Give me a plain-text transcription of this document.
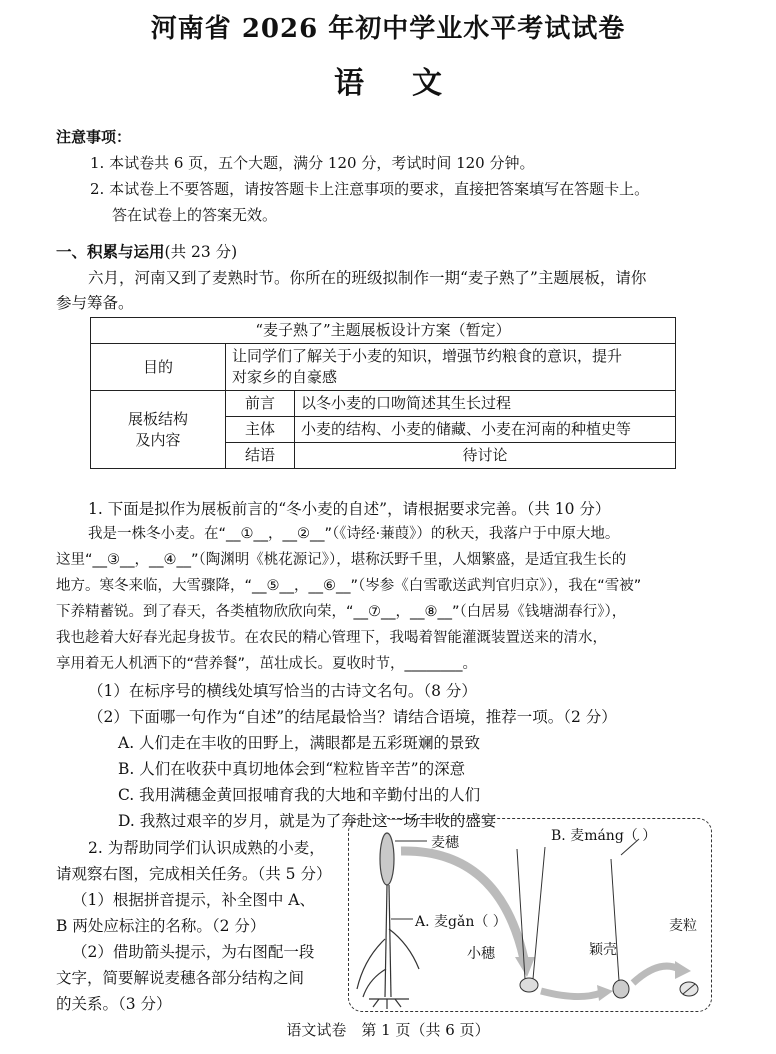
河南省 2026 年初中学业水平考试试卷
语文
注意事项：
1. 本试卷共 6 页，五个大题，满分 120 分，考试时间 120 分钟。
2. 本试卷上不要答题，请按答题卡上注意事项的要求，直接把答案填写在答题卡上。
答在试卷上的答案无效。
一、积累与运用(共 23 分)
六月，河南又到了麦熟时节。你所在的班级拟制作一期“麦子熟了”主题展板，请你
参与筹备。
“麦子熟了”主题展板设计方案（暂定）		
目的	让同学们了解关于小麦的知识，增强节约粮食的意识，提升
对家乡的自豪感	

展板结构
及内容	前言	以冬小麦的口吻简述其生长过程
	主体	小麦的结构、小麦的储藏、小麦在河南的种植史等
	结语	待讨论
1. 下面是拟作为展板前言的“冬小麦的自述”，请根据要求完善。（共 10 分）
我是一株冬小麦。在“__①__，__②__”（《诗经·蒹葭》）的秋天，我落户于中原大地。
这里“__③__，__④__”（陶渊明《桃花源记》），堪称沃野千里，人烟繁盛，是适宜我生长的
地方。寒冬来临，大雪骤降，“__⑤__，__⑥__”（岑参《白雪歌送武判官归京》），我在“雪被”
下养精蓄锐。到了春天，各类植物欣欣向荣，“__⑦__，__⑧__”（白居易《钱塘湖春行》），
我也趁着大好春光起身拔节。在农民的精心管理下，我喝着智能灌溉装置送来的清水，
享用着无人机洒下的“营养餐”，茁壮成长。夏收时节，________。
（1）在标序号的横线处填写恰当的古诗文名句。（8 分）
（2）下面哪一句作为“自述”的结尾最恰当？请结合语境，推荐一项。（2 分）
A. 人们走在丰收的田野上，满眼都是五彩斑斓的景致
B. 人们在收获中真切地体会到“粒粒皆辛苦”的深意
C. 我用满穗金黄回报哺育我的大地和辛勤付出的人们
D. 我熬过艰辛的岁月，就是为了奔赴这一场丰收的盛宴
2. 为帮助同学们认识成熟的小麦，
请观察右图，完成相关任务。（共 5 分）
（1）根据拼音提示，补全图中 A、
B 两处应标注的名称。（2 分）
（2）借助箭头提示，为右图配一段
文字，简要解说麦穗各部分结构之间
的关系。（3 分）
麦穗
A. 麦gǎn（ ）
B. 麦máng（ ）
小穗	颖壳
麦粒
语文试卷　第 1 页（共 6 页）
